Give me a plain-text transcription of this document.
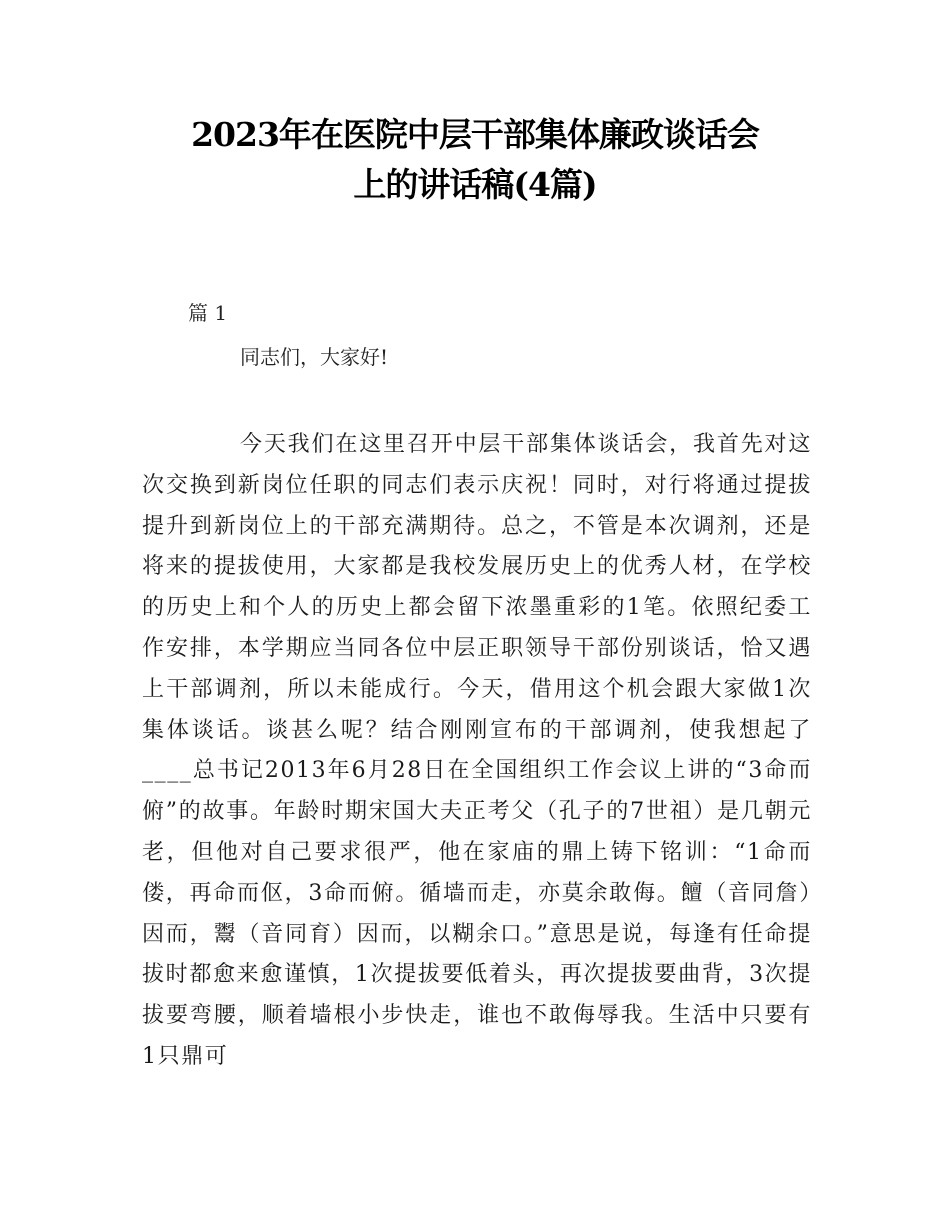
2023年在医院中层干部集体廉政谈话会
上的讲话稿(4篇)
篇 1
同志们，大家好!

今天我们在这里召开中层干部集体谈话会，我首先对这次交换到新岗位任职的同志们表示庆祝！同时，对行将通过提拔提升到新岗位上的干部充满期待。总之，不管是本次调剂，还是将来的提拔使用，大家都是我校发展历史上的优秀人材，在学校的历史上和个人的历史上都会留下浓墨重彩的1笔。依照纪委工作安排，本学期应当同各位中层正职领导干部份别谈话，恰又遇上干部调剂，所以未能成行。今天，借用这个机会跟大家做1次集体谈话。谈甚么呢？结合刚刚宣布的干部调剂，使我想起了____总书记2013年6月28日在全国组织工作会议上讲的“3命而俯”的故事。年龄时期宋国大夫正考父（孔子的7世祖）是几朝元老，但他对自己要求很严，他在家庙的鼎上铸下铭训：“1命而偻，再命而伛，3命而俯。循墙而走，亦莫余敢侮。饘（音同詹）因而，鬻（音同育）因而，以糊余口。”意思是说，每逢有任命提拔时都愈来愈谨慎，1次提拔要低着头，再次提拔要曲背，3次提拔要弯腰，顺着墙根小步快走，谁也不敢侮辱我。生活中只要有1只鼎可
